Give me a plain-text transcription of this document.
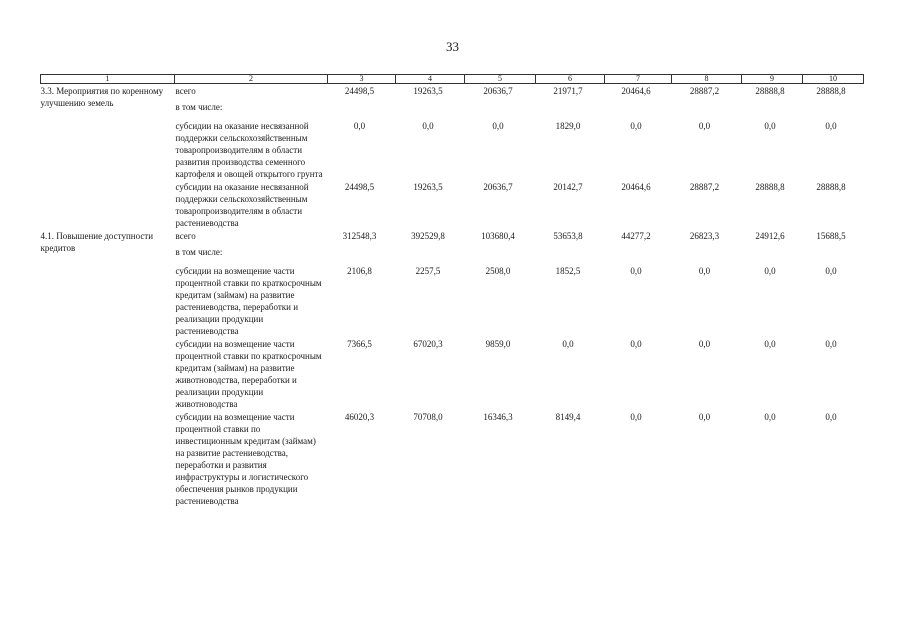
33
1	2	3	4	5	6	7	8	9	10
3.3. Мероприятия по коренному улучшению земель	всего	24498,5	19263,5	20636,7	21971,7	20464,6	28887,2	28888,8	28888,8
	в том числе:								
	субсидии на оказание несвязанной поддержки сельскохозяйственным товаропроизводителям в области развития производства семенного картофеля и овощей открытого грунта	0,0	0,0	0,0	1829,0	0,0	0,0	0,0	0,0
	субсидии на оказание несвязанной поддержки сельскохозяйственным товаропроизводителям в области растениеводства	24498,5	19263,5	20636,7	20142,7	20464,6	28887,2	28888,8	28888,8
4.1. Повышение доступности кредитов	всего	312548,3	392529,8	103680,4	53653,8	44277,2	26823,3	24912,6	15688,5
	в том числе:								
	субсидии на возмещение части процентной ставки по краткосрочным кредитам (займам) на развитие растениеводства, переработки и реализации продукции растениеводства	2106,8	2257,5	2508,0	1852,5	0,0	0,0	0,0	0,0
	субсидии на возмещение части процентной ставки по краткосрочным кредитам (займам) на развитие животноводства, переработки и реализации продукции животноводства	7366,5	67020,3	9859,0	0,0	0,0	0,0	0,0	0,0
	субсидии на возмещение части процентной ставки по инвестиционным кредитам (займам) на развитие растениеводства, переработки и развития инфраструктуры и логистического обеспечения рынков продукции растениеводства	46020,3	70708,0	16346,3	8149,4	0,0	0,0	0,0	0,0
